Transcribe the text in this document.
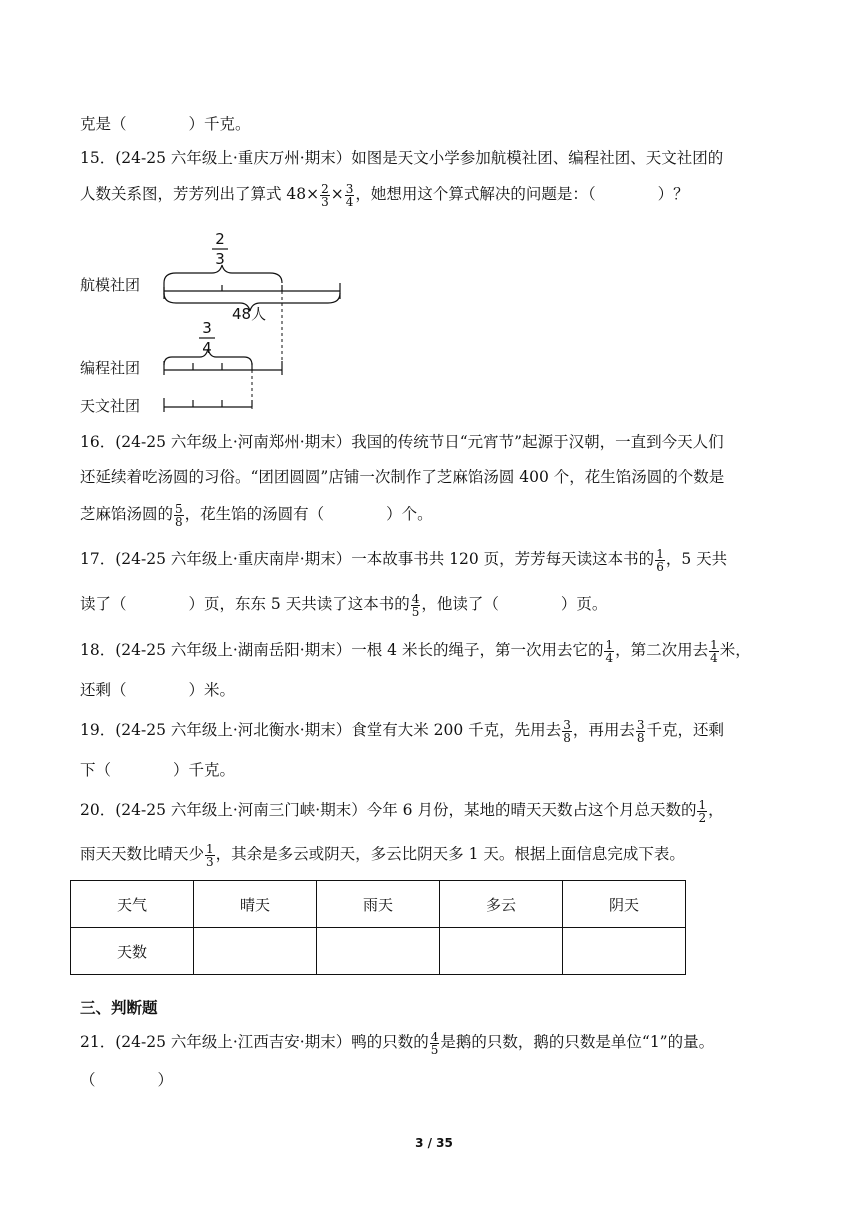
克是（　　　　）千克。
15．(24-25 六年级上·重庆万州·期末）如图是天文小学参加航模社团、编程社团、天文社团的
人数关系图，芳芳列出了算式 $48\times \frac{2}{3} \times \frac{3}{4}$ ，她想用这个算式解决的问题是：（　　　　）？
2
3
航模社团
48人
3
4
编程社团
天文社团
16．(24-25 六年级上·河南郑州·期末）我国的传统节日“元宵节”起源于汉朝，一直到今天人们
还延续着吃汤圆的习俗。“团团圆圆”店铺一次制作了芝麻馅汤圆 400 个，花生馅汤圆的个数是
芝麻馅汤圆的 $\frac{5}{8}$ ，花生馅的汤圆有（　　　　）个。
17．(24-25 六年级上·重庆南岸·期末）一本故事书共 120 页，芳芳每天读这本书的 $\frac{1}{6}$ ，5 天共
读了（　　　　）页，东东 5 天共读了这本书的 $\frac{4}{5}$ ，他读了（　　　　）页。
18．(24-25 六年级上·湖南岳阳·期末）一根 4 米长的绳子，第一次用去它的 $\frac{1}{4}$ ，第二次用去 $\frac{1}{4}$ 米，
还剩（　　　　）米。
19．(24-25 六年级上·河北衡水·期末）食堂有大米 200 千克，先用去 $\frac{3}{8}$ ，再用去 $\frac{3}{8}$ 千克，还剩
下（　　　　）千克。
20．(24-25 六年级上·河南三门峡·期末）今年 6 月份，某地的晴天天数占这个月总天数的 $\frac{1}{2}$ ，
雨天天数比晴天少 $\frac{1}{3}$ ，其余是多云或阴天，多云比阴天多 1 天。根据上面信息完成下表。
天气	晴天	雨天	多云	阴天
天数				
三、判断题
21．(24-25 六年级上·江西吉安·期末）鸭的只数的 $\frac{4}{5}$ 是鹅的只数，鹅的只数是单位“1”的量。
（　　　　）
3 / 35
